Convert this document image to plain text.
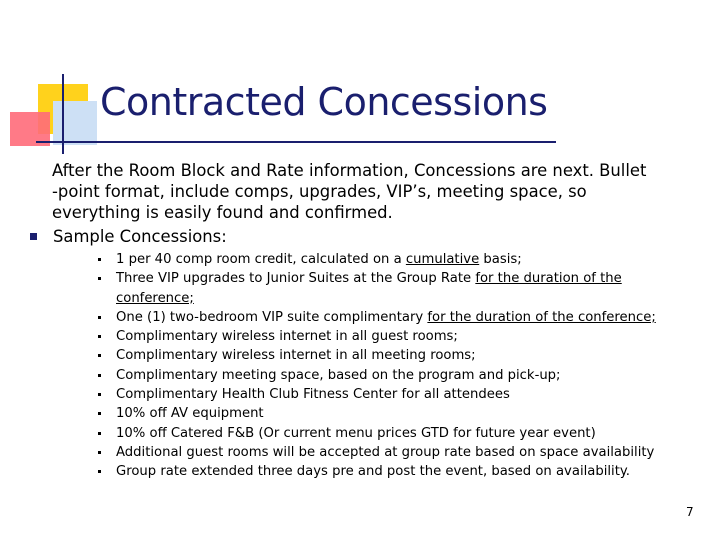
Contracted Concessions
After the Room Block and Rate information, Concessions are next. Bullet
-point format, include comps, upgrades, VIP’s, meeting space, so
everything is easily found and confirmed.

Sample Concessions:

1 per 40 comp room credit, calculated on a cumulative basis;
Three VIP upgrades to Junior Suites at the Group Rate for the duration of the
conference;
One (1) two-bedroom VIP suite complimentary for the duration of the conference;
Complimentary wireless internet in all guest rooms;
Complimentary wireless internet in all meeting rooms;
Complimentary meeting space, based on the program and pick-up;
Complimentary Health Club Fitness Center for all attendees
10% off AV equipment
10% off Catered F&B (Or current menu prices GTD for future year event)
Additional guest rooms will be accepted at group rate based on space availability
Group rate extended three days pre and post the event, based on availability.
7
